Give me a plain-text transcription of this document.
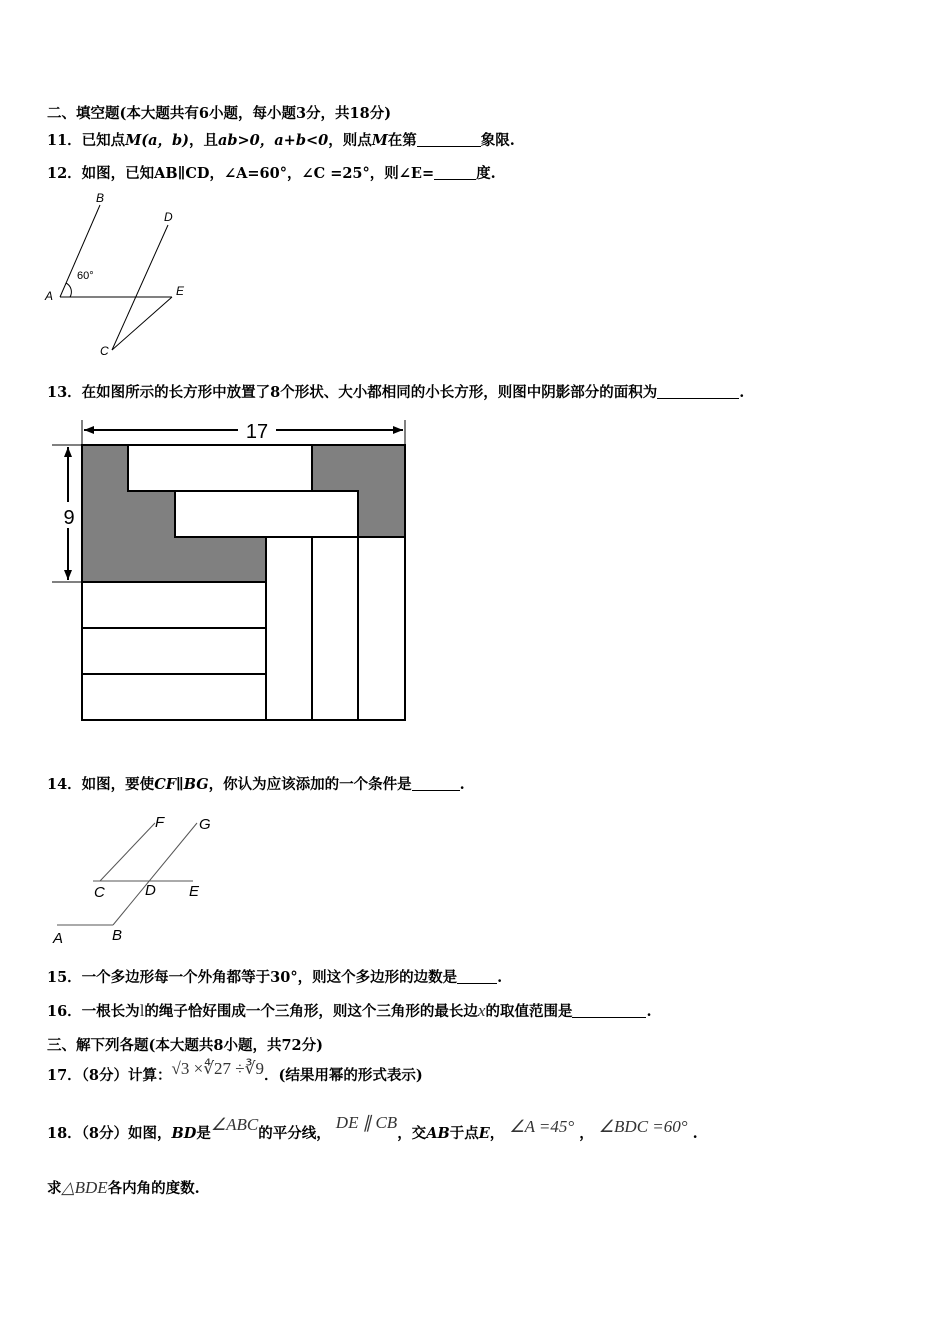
二、填空题(本大题共有6小题，每小题3分，共18分)
11．已知点M(a，b)，且ab>0，a+b<0，则点M在第	象限.
12．如图，已知AB∥CD，∠A=60°，∠C =25°，则∠E=	度.
B
D
A	E
C
60°
13．在如图所示的长方形中放置了8个形状、大小都相同的小长方形，则图中阴影部分的面积为	.
17
9
14．如图，要使CF∥BG，你认为应该添加的一个条件是	.
F G
C	D E
A	B
15．一个多边形每一个外角都等于30°，则这个多边形的边数是	.
16．一根长为l的绳子恰好围成一个三角形，则这个三角形的最长边x的取值范围是	.
三、解下列各题(本大题共8小题，共72分)
17．（8分）计算：√3 ×∜27 ÷∛9．(结果用幂的形式表示)
18．（8分）如图，BD是∠ABC的平分线， DE ∥ CB，交AB于点E， ∠A =45° ， ∠BDC =60° .
求△BDE各内角的度数.
